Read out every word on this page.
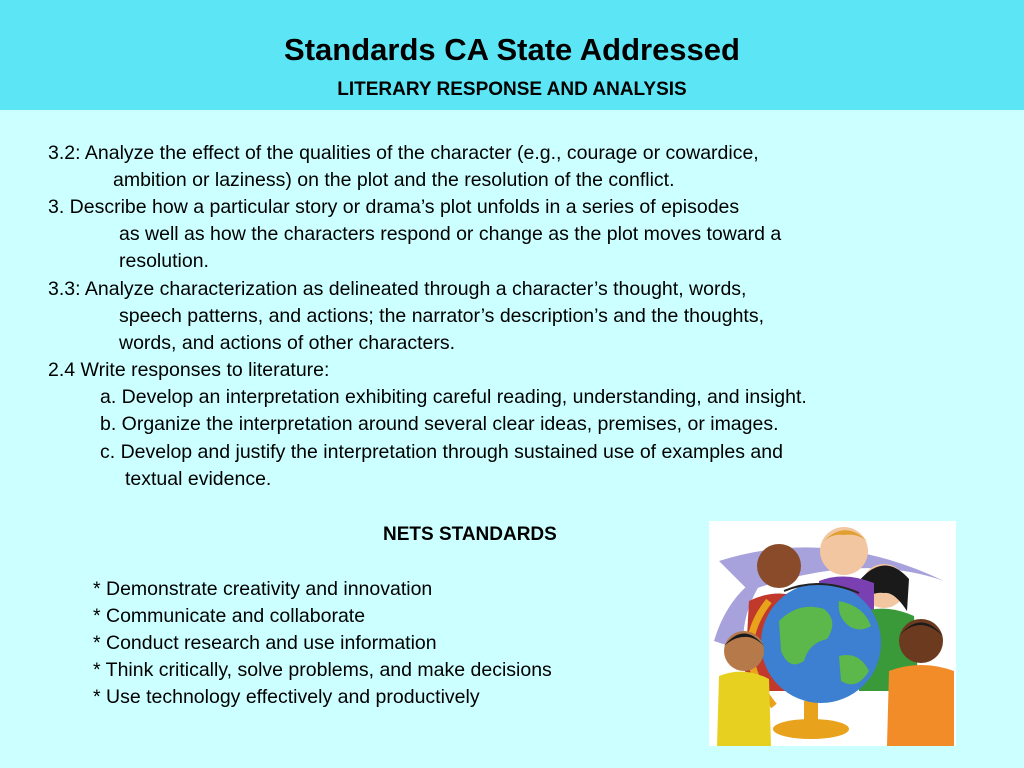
Standards CA State Addressed
LITERARY RESPONSE AND ANALYSIS
3.2: Analyze the effect of the qualities of the character (e.g., courage or cowardice,
ambition or laziness) on the plot and the resolution of the conflict.
3. Describe how a particular story or drama’s plot unfolds in a series of episodes
as well as how the characters respond or change as the plot moves toward a
resolution.
3.3: Analyze characterization as delineated through a character’s thought, words,
speech patterns, and actions; the narrator’s description’s and the thoughts,
words, and actions of other characters.
2.4 Write responses to literature:
a. Develop an interpretation exhibiting careful reading, understanding, and insight.
b. Organize the interpretation around several clear ideas, premises, or images.
c. Develop and justify the interpretation through sustained use of examples and
textual evidence.
NETS STANDARDS
* Demonstrate creativity and innovation
* Communicate and collaborate
* Conduct research and use information
* Think critically, solve problems, and make decisions
* Use technology effectively and productively
